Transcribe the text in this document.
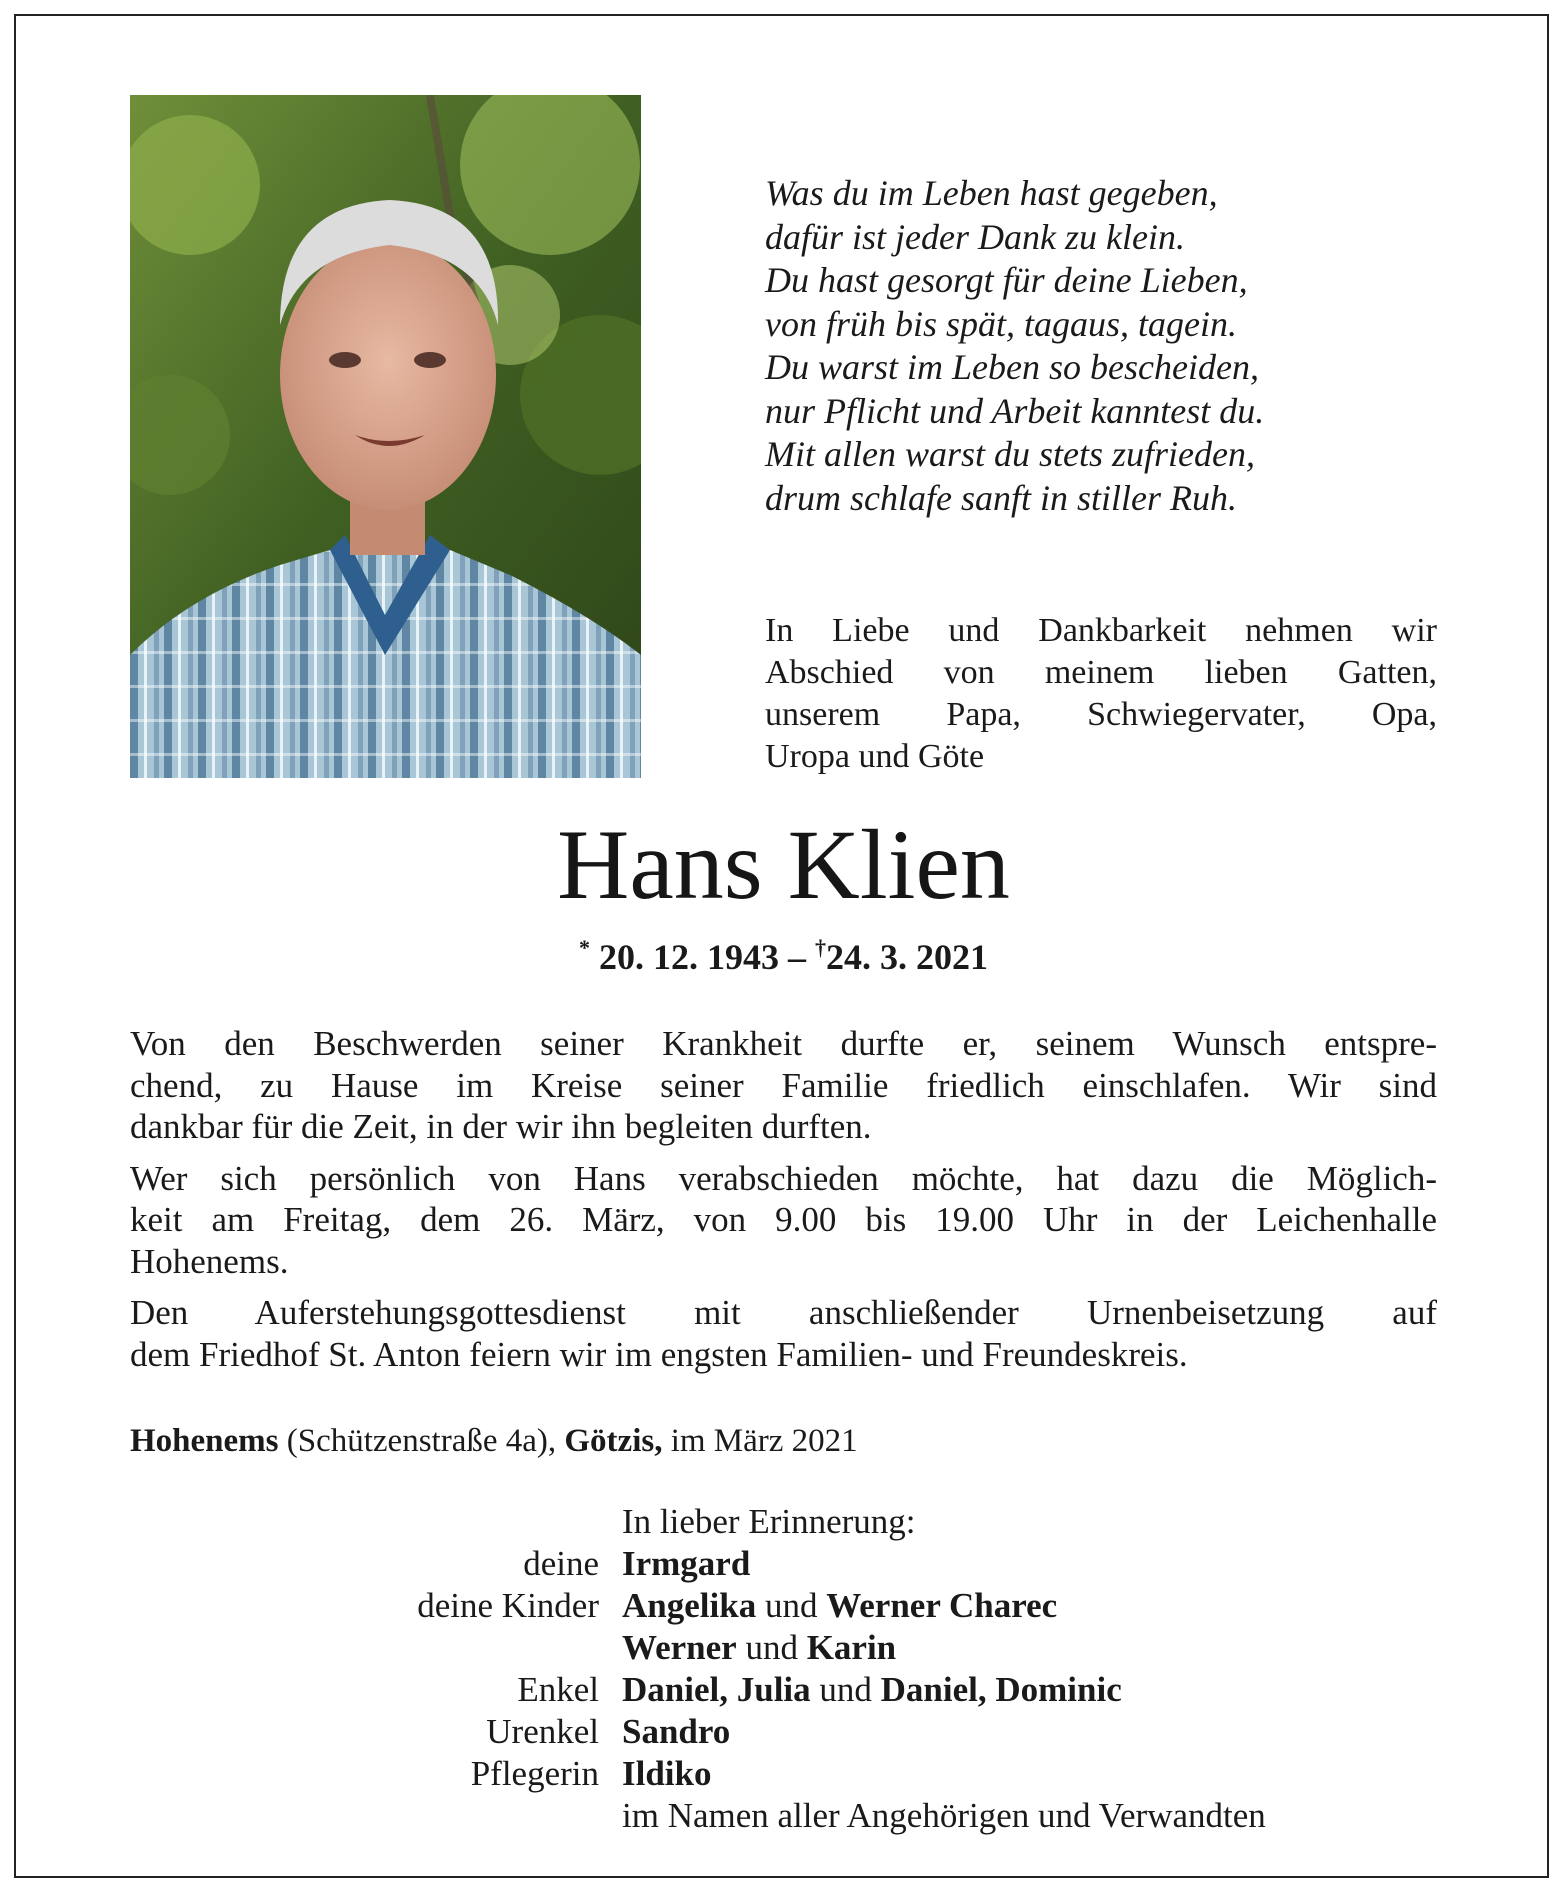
Was du im Leben hast gegeben,
dafür ist jeder Dank zu klein.
Du hast gesorgt für deine Lieben,
von früh bis spät, tagaus, tagein.
Du warst im Leben so bescheiden,
nur Pflicht und Arbeit kanntest du.
Mit allen warst du stets zufrieden,
drum schlafe sanft in stiller Ruh.
In Liebe und Dankbarkeit nehmen wir
Abschied von meinem lieben Gatten,
unserem Papa, Schwiegervater, Opa,
Uropa und Göte
Hans Klien
* 20. 12. 1943 – †24. 3. 2021
Von den Beschwerden seiner Krankheit durfte er, seinem Wunsch entspre-
chend, zu Hause im Kreise seiner Familie friedlich einschlafen. Wir sind
dankbar für die Zeit, in der wir ihn begleiten durften.
Wer sich persönlich von Hans verabschieden möchte, hat dazu die Möglich-
keit am Freitag, dem 26. März, von 9.00 bis 19.00 Uhr in der Leichenhalle
Hohenems.
Den Auferstehungsgottesdienst mit anschließender Urnenbeisetzung auf
dem Friedhof St. Anton feiern wir im engsten Familien- und Freundeskreis.
Hohenems (Schützenstraße 4a), Götzis, im März 2021
In lieber Erinnerung:
deine Irmgard
deine Kinder Angelika und Werner Charec
Werner und Karin
Enkel Daniel, Julia und Daniel, Dominic
Urenkel Sandro
Pflegerin Ildiko
im Namen aller Angehörigen und Verwandten
